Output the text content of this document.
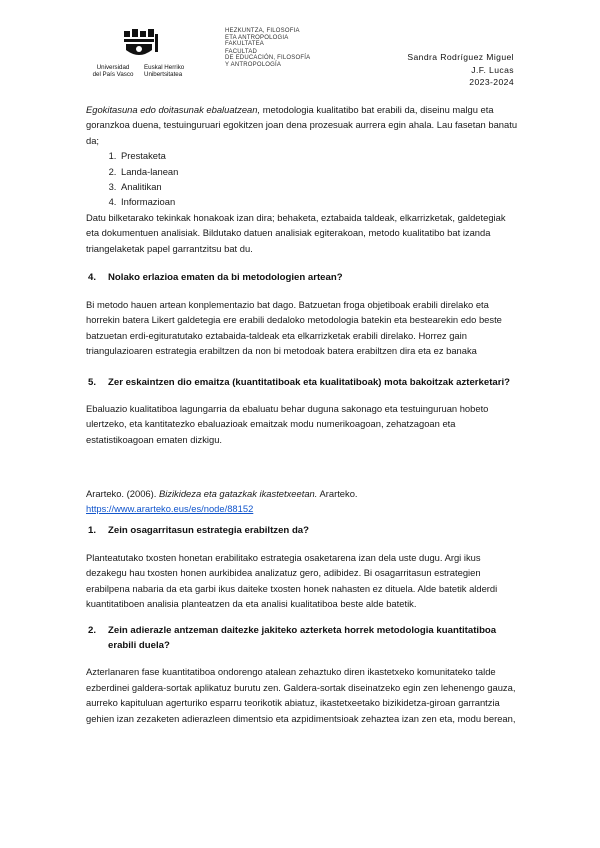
Universidad
del País Vasco
Euskal Herriko
Unibertsitatea
HEZKUNTZA, FILOSOFIA
ETA ANTROPOLOGIA
FAKULTATEA
FACULTAD
DE EDUCACIÓN, FILOSOFÍA
Y ANTROPOLOGÍA
Sandra Rodríguez Miguel
J.F. Lucas
2023-2024

Egokitasuna edo doitasunak ebaluatzean, metodologia kualitatibo bat erabili da, diseinu malgu eta goranzkoa duena, testuinguruari egokitzen joan dena prozesuak aurrera egin ahala. Lau fasetan banatu da;

1. Prestaketa
2. Landa-lanean
3. Analitikan
4. Informazioan

Datu bilketarako tekinkak honakoak izan dira; behaketa, eztabaida taldeak, elkarrizketak, galdetegiak eta dokumentuen analisiak. Bildutako datuen analisiak egiterakoan, metodo kualitatibo bat izanda triangelaketak papel garrantzitsu bat du.

4.	Nolako erlazioa ematen da bi metodologien artean?

Bi metodo hauen artean konplementazio bat dago. Batzuetan froga objetiboak erabili direlako eta horrekin batera Likert galdetegia ere erabili dedaloko metodologia batekin eta bestearekin edo beste batzuetan erdi-egituratutako eztabaida-taldeak eta elkarrizketak erabili direlako. Horrez gain triangulazioaren estrategia erabiltzen da non bi metodoak batera erabiltzen dira eta ez banaka

5.	Zer eskaintzen dio emaitza (kuantitatiboak eta kualitatiboak) mota bakoitzak azterketari?

Ebaluazio kualitatiboa lagungarria da ebaluatu behar duguna sakonago eta testuinguruan hobeto ulertzeko, eta kantitatezko ebaluazioak emaitzak modu numerikoagoan, zehatzagoan eta estatistikoagoan ematen dizkigu.

Ararteko. (2006). Bizikideza eta gatazkak ikastetxeetan. Ararteko.
https://www.ararteko.eus/es/node/88152

1.	Zein osagarritasun estrategia erabiltzen da?

Planteatutako txosten honetan erabilitako estrategia osaketarena izan dela uste dugu. Argi ikus dezakegu hau txosten honen aurkibidea analizatuz gero, adibidez. Bi osagarritasun estrategien erabilpena nabaria da eta garbi ikus daiteke txosten honek nahasten ez dituela. Alde batetik alderdi kuantitatiboen analisia planteatzen da eta analisi kualitatiboa beste alde batetik.

2.	Zein adierazle antzeman daitezke jakiteko azterketa horrek metodologia kuantitatiboa erabili duela?

Azterlanaren fase kuantitatiboa ondorengo atalean zehaztuko diren ikastetxeko komunitateko talde ezberdinei galdera-sortak aplikatuz burutu zen. Galdera-sortak diseinatzeko egin zen lehenengo gauza, aurreko kapituluan agerturiko esparru teorikotik abiatuz, ikastetxeetako bizikidetza-giroan garrantzia gehien izan zezaketen adierazleen dimentsio eta azpidimentsioak zehaztea izan zen eta, modu berean,
